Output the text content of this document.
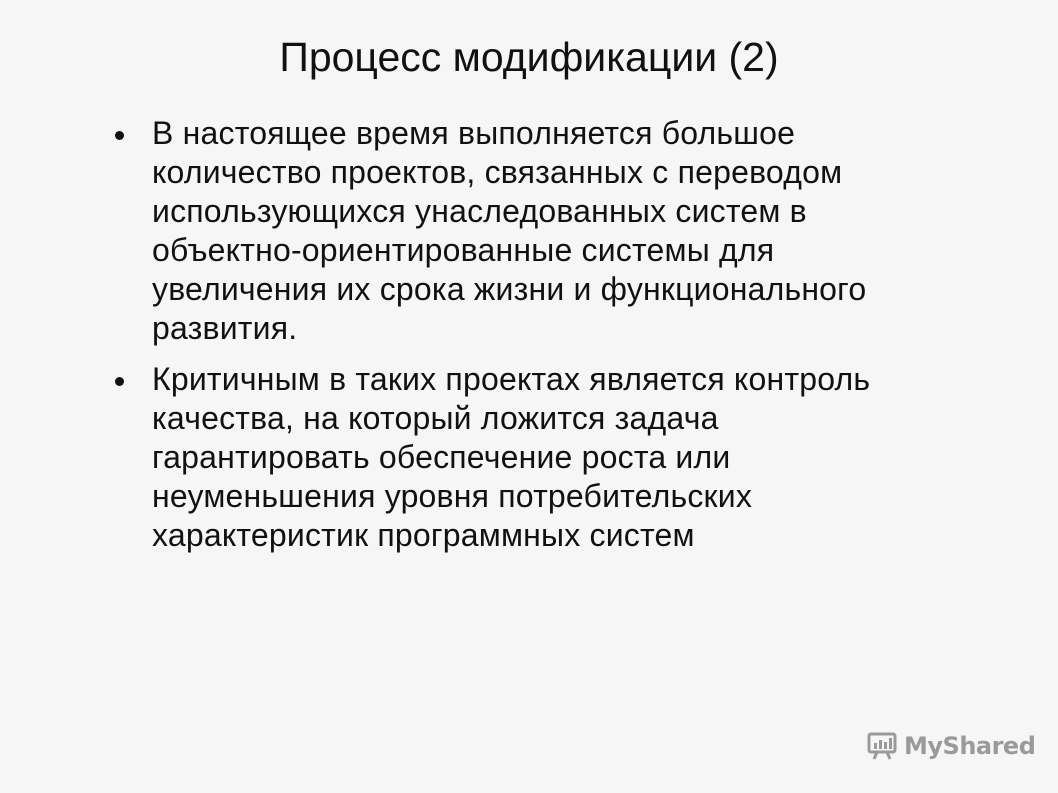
Процесс модификации (2)
В настоящее время выполняется большое
количество проектов, связанных с переводом
использующихся унаследованных систем в
объектно-ориентированные системы для
увеличения их срока жизни и функционального
развития.
Критичным в таких проектах является контроль
качества, на который ложится задача
гарантировать обеспечение роста или
неуменьшения уровня потребительских
характеристик программных систем
MyShared
